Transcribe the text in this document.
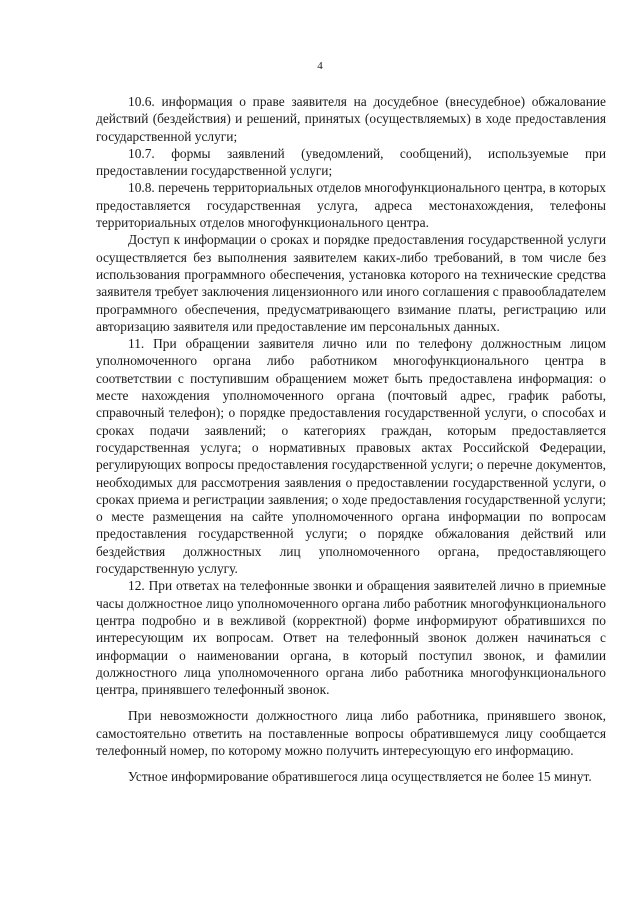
4

10.6. информация о праве заявителя на досудебное (внесудебное) обжалование действий (бездействия) и решений, принятых (осуществляемых) в ходе предоставления государственной услуги;

10.7. формы заявлений (уведомлений, сообщений), используемые при предоставлении государственной услуги;

10.8. перечень территориальных отделов многофункционального центра, в которых предоставляется государственная услуга, адреса местонахождения, телефоны территориальных отделов многофункционального центра.

Доступ к информации о сроках и порядке предоставления государственной услуги осуществляется без выполнения заявителем каких-либо требований, в том числе без использования программного обеспечения, установка которого на технические средства заявителя требует заключения лицензионного или иного соглашения с правообладателем программного обеспечения, предусматривающего взимание платы, регистрацию или авторизацию заявителя или предоставление им персональных данных.

11. При обращении заявителя лично или по телефону должностным лицом уполномоченного органа либо работником многофункционального центра в соответствии с поступившим обращением может быть предоставлена информация: о месте нахождения уполномоченного органа (почтовый адрес, график работы, справочный телефон); о порядке предоставления государственной услуги, о способах и сроках подачи заявлений; о категориях граждан, которым предоставляется государственная услуга; о нормативных правовых актах Российской Федерации, регулирующих вопросы предоставления государственной услуги; о перечне документов, необходимых для рассмотрения заявления о предоставлении государственной услуги, о сроках приема и регистрации заявления; о ходе предоставления государственной услуги; о месте размещения на сайте уполномоченного органа информации по вопросам предоставления государственной услуги; о порядке обжалования действий или бездействия должностных лиц уполномоченного органа, предоставляющего государственную услугу.

12. При ответах на телефонные звонки и обращения заявителей лично в приемные часы должностное лицо уполномоченного органа либо работник многофункционального центра подробно и в вежливой (корректной) форме информируют обратившихся по интересующим их вопросам. Ответ на телефонный звонок должен начинаться с информации о наименовании органа, в который поступил звонок, и фамилии должностного лица уполномоченного органа либо работника многофункционального центра, принявшего телефонный звонок.

При невозможности должностного лица либо работника, принявшего звонок, самостоятельно ответить на поставленные вопросы обратившемуся лицу сообщается телефонный номер, по которому можно получить интересующую его информацию.

Устное информирование обратившегося лица осуществляется не более 15 минут.
